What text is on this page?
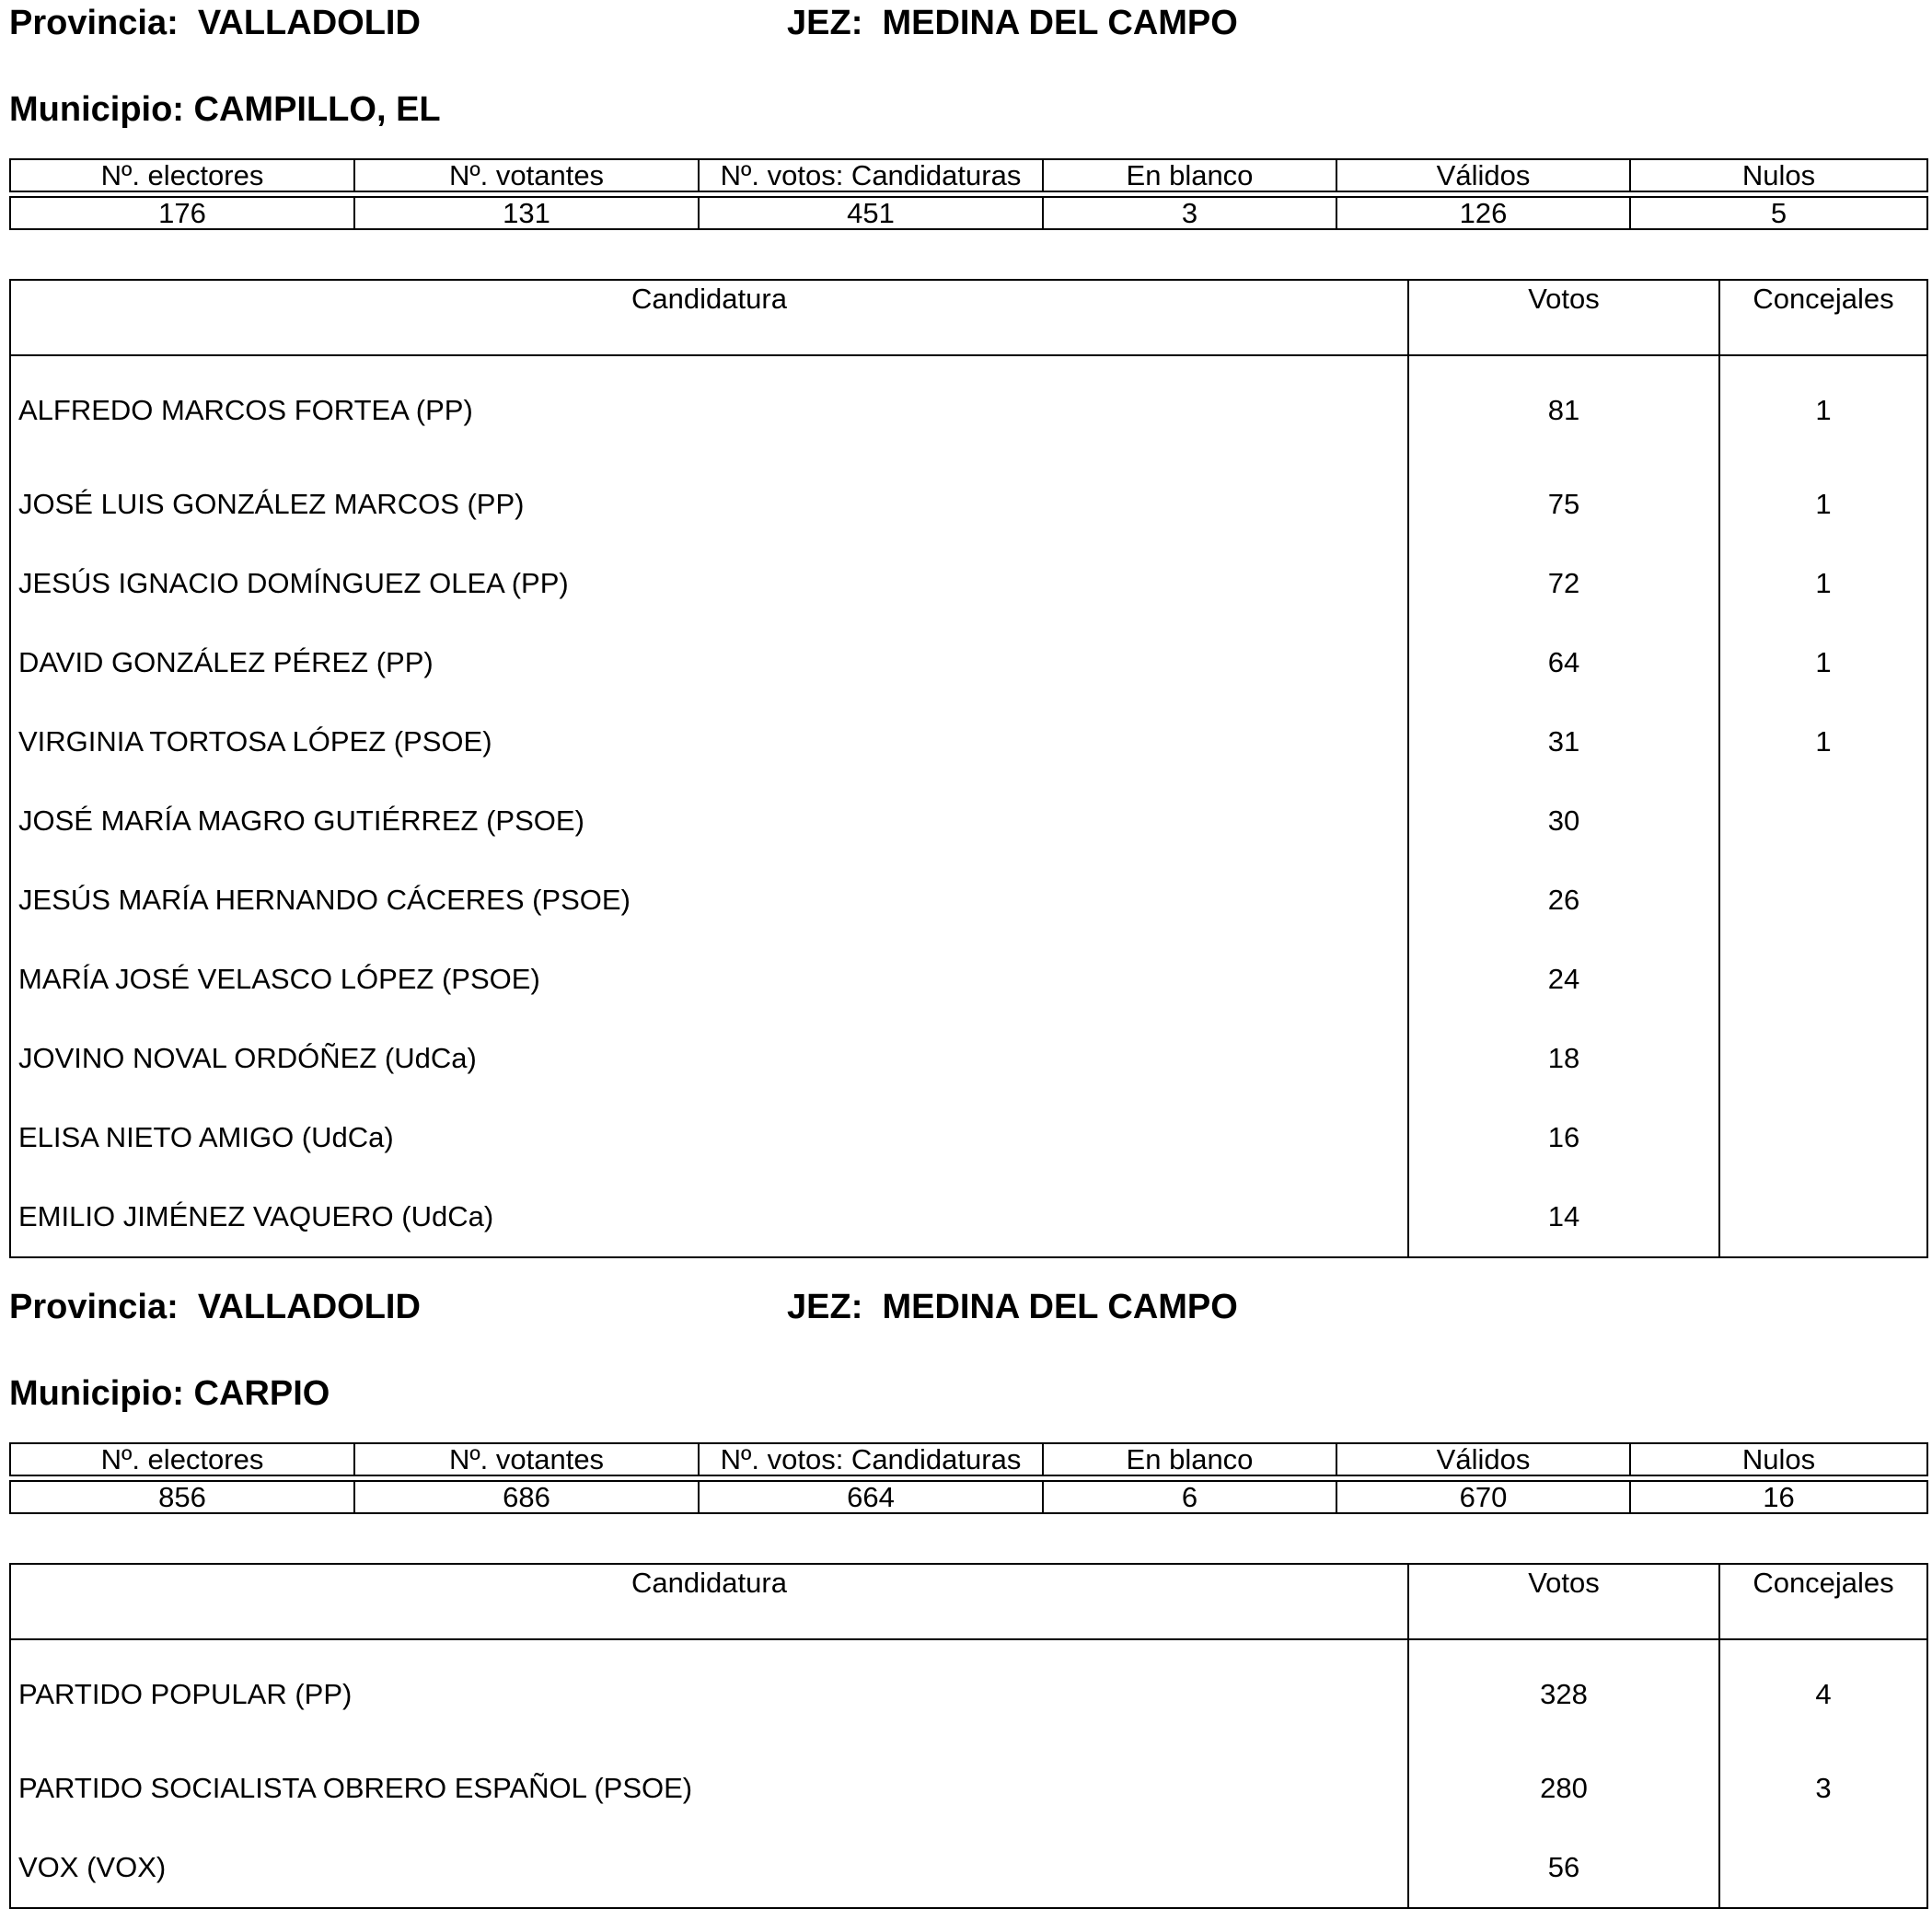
Provincia: VALLADOLID	JEZ: MEDINA DEL CAMPO
Municipio: CAMPILLO, EL
Nº. electores	Nº. votantes	Nº. votos: Candidaturas	En blanco	Válidos	Nulos

176	131	451	3	126	5
Candidatura	Votos	Concejales
ALFREDO MARCOS FORTEA (PP)	81	1
JOSÉ LUIS GONZÁLEZ MARCOS (PP)	75	1
JESÚS IGNACIO DOMÍNGUEZ OLEA (PP)	72	1
DAVID GONZÁLEZ PÉREZ (PP)	64	1
VIRGINIA TORTOSA LÓPEZ (PSOE)	31	1
JOSÉ MARÍA MAGRO GUTIÉRREZ (PSOE)	30	
JESÚS MARÍA HERNANDO CÁCERES (PSOE)	26	
MARÍA JOSÉ VELASCO LÓPEZ (PSOE)	24	
JOVINO NOVAL ORDÓÑEZ (UdCa)	18	
ELISA NIETO AMIGO (UdCa)	16	
EMILIO JIMÉNEZ VAQUERO (UdCa)	14	
Provincia: VALLADOLID	JEZ: MEDINA DEL CAMPO
Municipio: CARPIO
Nº. electores	Nº. votantes	Nº. votos: Candidaturas	En blanco	Válidos	Nulos

856	686	664	6	670	16
Candidatura	Votos	Concejales
PARTIDO POPULAR (PP)	328	4
PARTIDO SOCIALISTA OBRERO ESPAÑOL (PSOE)	280	3
VOX (VOX)	56	
